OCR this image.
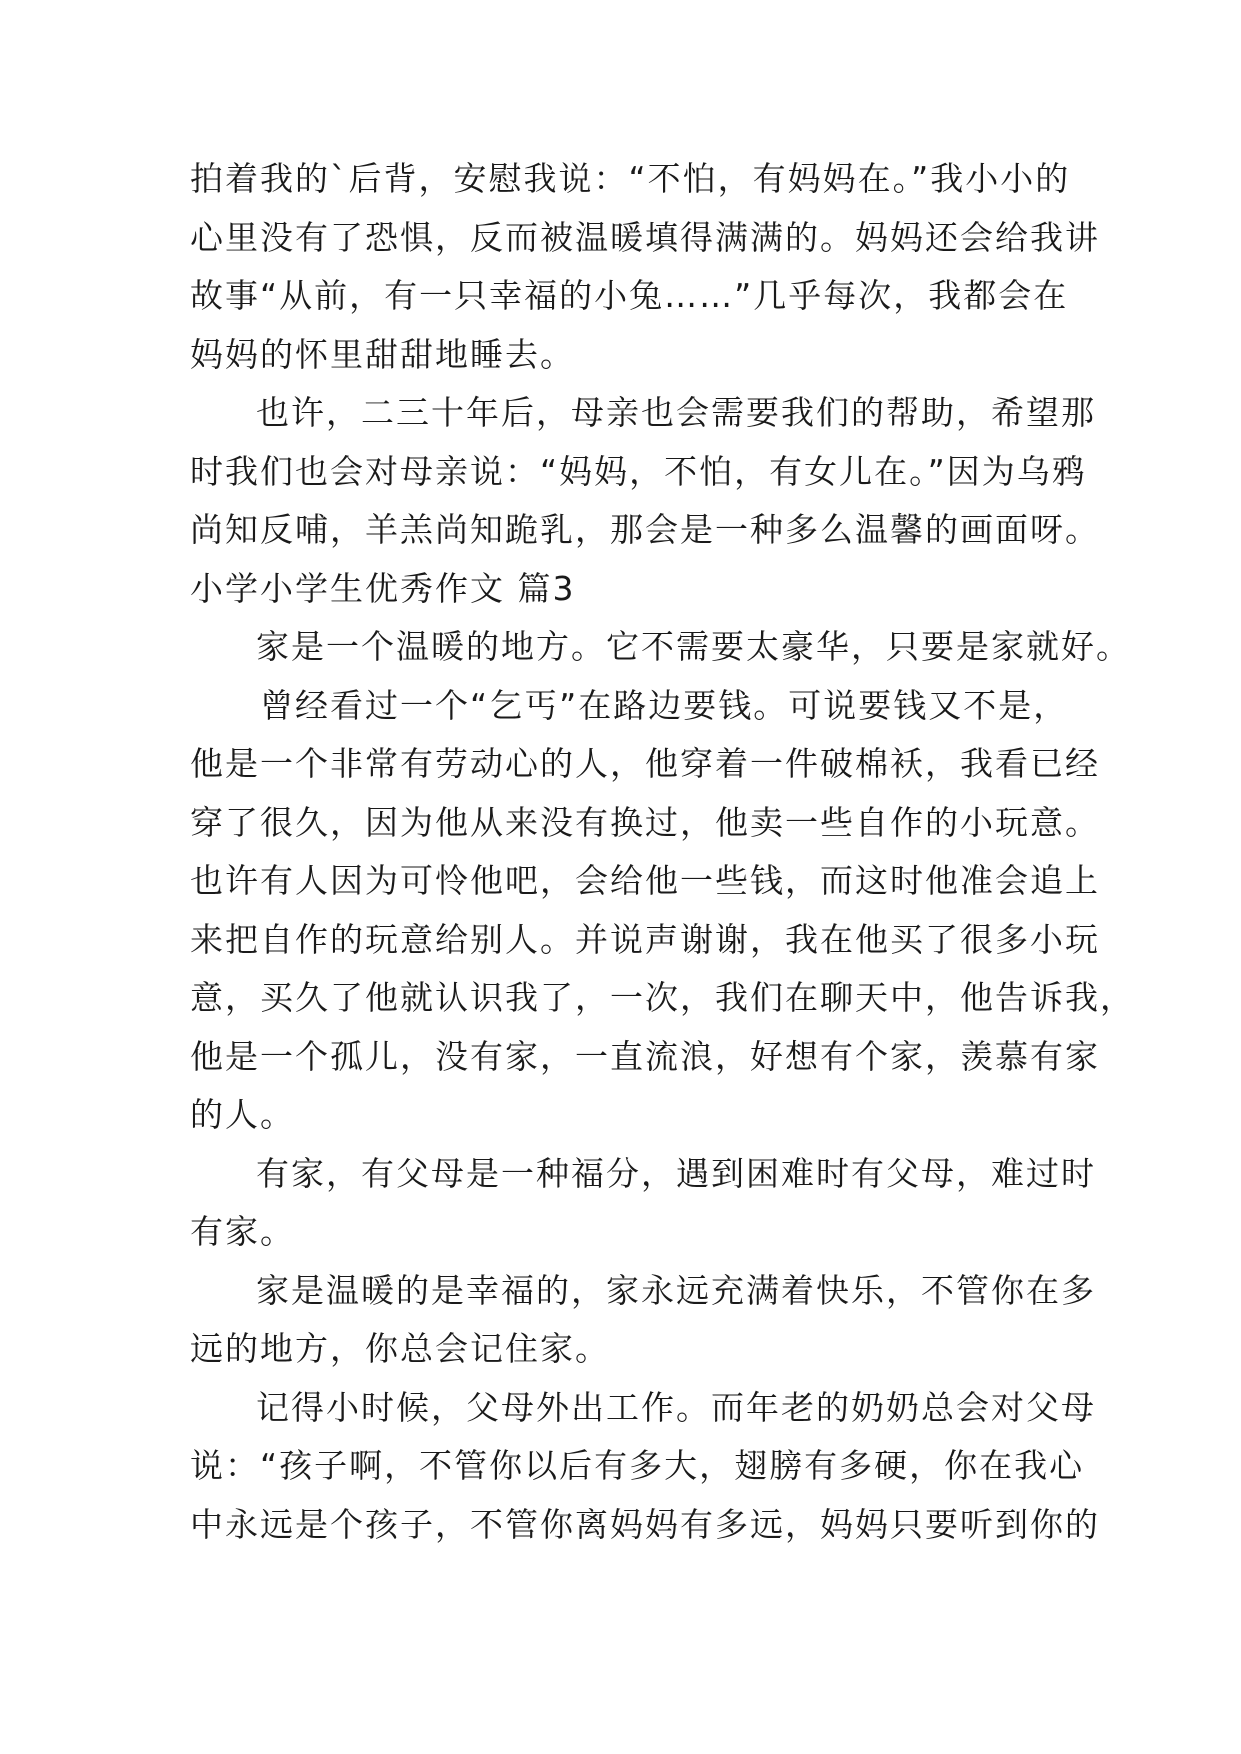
拍着我的`后背，安慰我说：“不怕，有妈妈在。”我小小的
心里没有了恐惧，反而被温暖填得满满的。妈妈还会给我讲
故事“从前，有一只幸福的小兔……”几乎每次，我都会在
妈妈的怀里甜甜地睡去。
也许，二三十年后，母亲也会需要我们的帮助，希望那
时我们也会对母亲说：“妈妈，不怕，有女儿在。”因为乌鸦
尚知反哺，羊羔尚知跪乳，那会是一种多么温馨的画面呀。
小学小学生优秀作文 篇3
家是一个温暖的地方。它不需要太豪华，只要是家就好。
曾经看过一个“乞丐”在路边要钱。可说要钱又不是，
他是一个非常有劳动心的人，他穿着一件破棉袄，我看已经
穿了很久，因为他从来没有换过，他卖一些自作的小玩意。
也许有人因为可怜他吧，会给他一些钱，而这时他准会追上
来把自作的玩意给别人。并说声谢谢，我在他买了很多小玩
意，买久了他就认识我了，一次，我们在聊天中，他告诉我，
他是一个孤儿，没有家，一直流浪，好想有个家，羡慕有家
的人。
有家，有父母是一种福分，遇到困难时有父母，难过时
有家。
家是温暖的是幸福的，家永远充满着快乐，不管你在多
远的地方，你总会记住家。
记得小时候，父母外出工作。而年老的奶奶总会对父母
说：“孩子啊，不管你以后有多大，翅膀有多硬，你在我心
中永远是个孩子，不管你离妈妈有多远，妈妈只要听到你的
